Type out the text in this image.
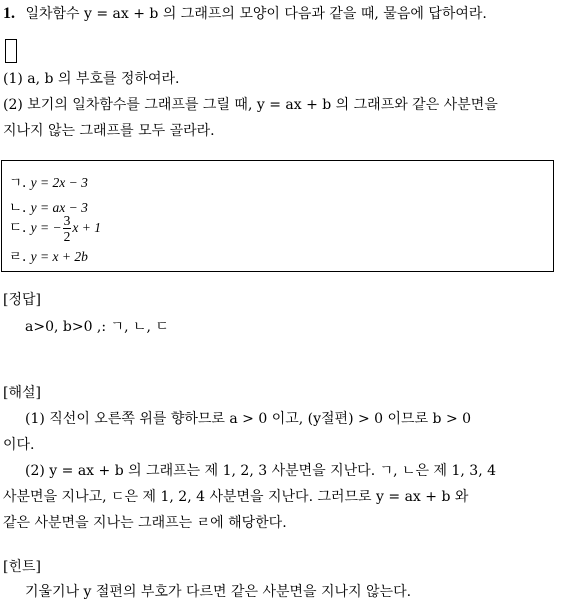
1. 일차함수 y = ax + b 의 그래프의 모양이 다음과 같을 때, 물음에 답하여라.
(1) a, b 의 부호를 정하여라.
(2) 보기의 일차함수를 그래프를 그릴 때, y = ax + b 의 그래프와 같은 사분면을
지나지 않는 그래프를 모두 골라라.
ㄱ. y = 2x − 3
ㄴ. y = ax − 3
ㄷ. y = − $\frac{3}{2}$ x + 1
ㄹ. y = x + 2b
[정답]
a>0, b>0 ,: ㄱ, ㄴ, ㄷ
[해설]
(1) 직선이 오른쪽 위를 향하므로 a > 0 이고, (y절편) > 0 이므로 b > 0
이다.
(2) y = ax + b 의 그래프는 제 1, 2, 3 사분면을 지난다. ㄱ, ㄴ은 제 1, 3, 4
사분면을 지나고, ㄷ은 제 1, 2, 4 사분면을 지난다. 그러므로 y = ax + b 와
같은 사분면을 지나는 그래프는 ㄹ에 해당한다.
[힌트]
기울기나 y 절편의 부호가 다르면 같은 사분면을 지나지 않는다.
